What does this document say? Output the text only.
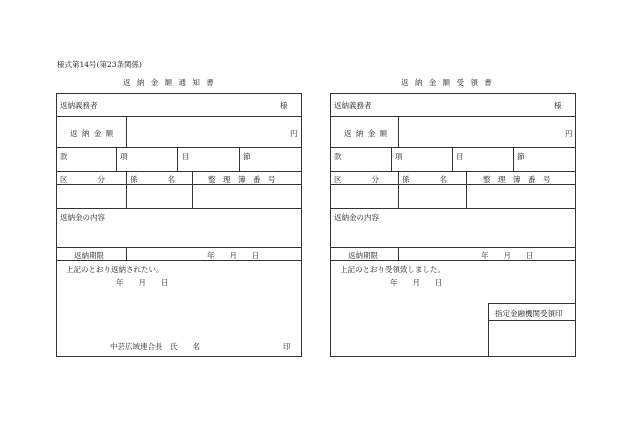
様式第14号(第23条関係)
返 納 金 額 通 知 書
返納義務者	様
返 納 金 額	円
款	項	目	節
区　　　　分	係　　　　名	整　理　簿　番　号
返納金の内容
返納期限	年　　月　　日
上記のとおり返納されたい。
年　　月　　日
中芸広域連合長　氏　　名	印
返 納 金 額 受 領 書
返納義務者	様
返 納 金 額	円
款	項	目	節
区　　　　分	係　　　　名	整　理　簿　番　号
返納金の内容
返納期限	年　　月　　日
上記のとおり受領致しました。
年　　月　　日
指定金融機関受領印
